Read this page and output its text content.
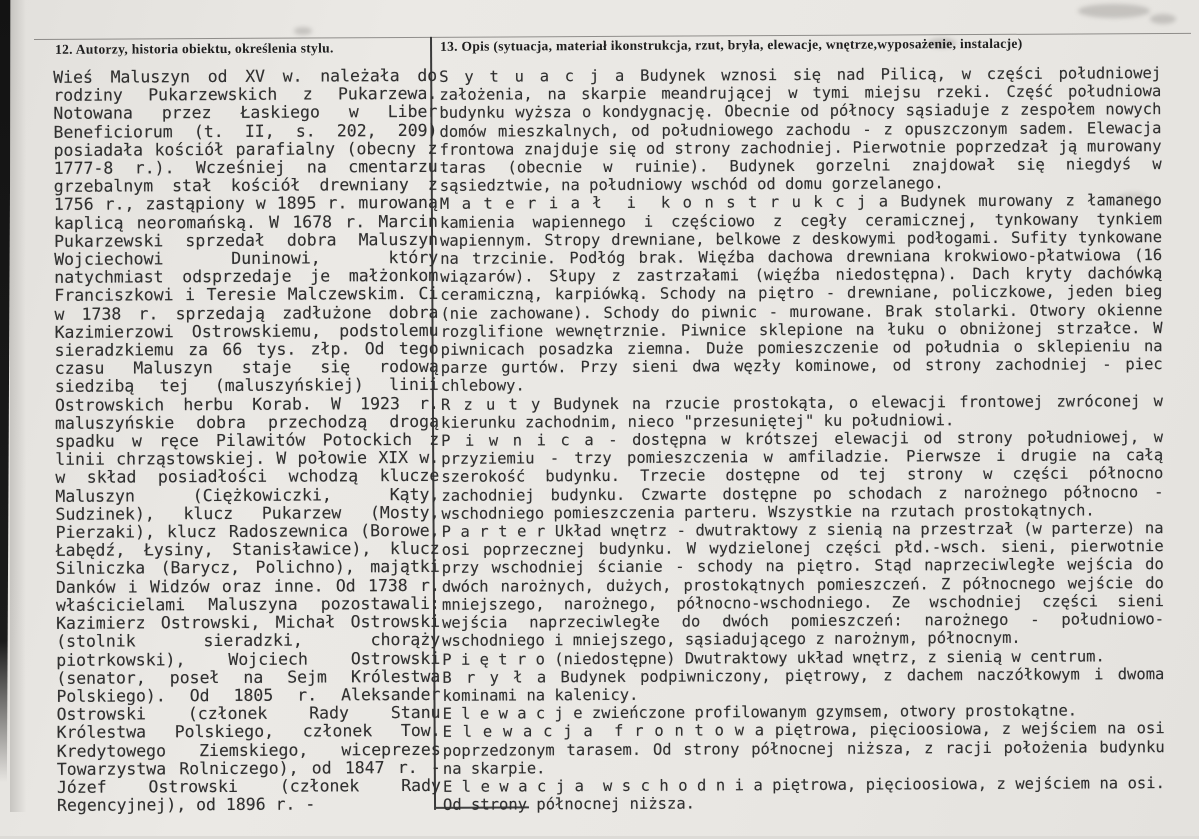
12. Autorzy, historia obiektu, określenia stylu.	13. Opis (sytuacja, materiał ikonstrukcja, rzut, bryła, elewacje, wnętrze,wyposażenie, instalacje)

Wieś Maluszyn od XV w. należała do rodziny Pukarzewskich z Pukarzewa. Notowana przez Łaskiego w Liber Beneficiorum (t. II, s. 202, 209) posiadała kościół parafialny (obecny z 1777-8 r.). Wcześniej na cmentarzu grzebalnym stał kościół drewniany z 1756 r., zastąpiony w 1895 r. murowaną kaplicą neoromańską. W 1678 r. Marcin Pukarzewski sprzedał dobra Maluszyn Wojciechowi Duninowi, który natychmiast odsprzedaje je małżonkom Franciszkowi i Teresie Malczewskim. Ci w 1738 r. sprzedają zadłużone dobra Kazimierzowi Ostrowskiemu, podstolemu sieradzkiemu za 66 tys. złp. Od tego czasu Maluszyn staje się rodową siedzibą tej (maluszyńskiej) linii Ostrowskich herbu Korab. W 1923 r. maluszyńskie dobra przechodzą drogą spadku w ręce Pilawitów Potockich z linii chrząstowskiej. W połowie XIX w. w skład posiadłości wchodzą klucze Maluszyn (Ciężkowiczki, Kąty, Sudzinek), klucz Pukarzew (Mosty, Pierzaki), klucz Radoszewnica (Borowe, Łabędź, Łysiny, Stanisławice), klucz Silniczka (Barycz, Polichno), majątki Danków i Widzów oraz inne. Od 1738 r. właścicielami Maluszyna pozostawali: Kazimierz Ostrowski, Michał Ostrowski (stolnik sieradzki, chorąży piotrkowski), Wojciech Ostrowski (senator, poseł na Sejm Królestwa Polskiego). Od 1805 r. Aleksander Ostrowski (członek Rady Stanu Królestwa Polskiego, członek Tow. Kredytowego Ziemskiego, wiceprezes Towarzystwa Rolniczego), od 1847 r. - Józef Ostrowski (członek Rady Regencyjnej), od 1896 r. -

S y t u a c j a Budynek wznosi się nad Pilicą, w części południowej założenia, na skarpie meandrującej w tymi miejsu rzeki. Część południowa budynku wyższa o kondygnację. Obecnie od północy sąsiaduje z zespołem nowych domów mieszkalnych, od południowego zachodu - z opuszczonym sadem. Elewacja frontowa znajduje się od strony zachodniej. Pierwotnie poprzedzał ją murowany taras (obecnie w ruinie). Budynek gorzelni znajdował się niegdyś w sąsiedztwie, na południowy wschód od domu gorzelanego.

M a t e r i a ł  i  k o n s t r u k c j a Budynek murowany z łamanego kamienia wapiennego i częściowo z cegły ceramicznej, tynkowany tynkiem wapiennym. Stropy drewniane, belkowe z deskowymi podłogami. Sufity tynkowane na trzcinie. Podłóg brak. Więźba dachowa drewniana krokwiowo-płatwiowa (16 wiązarów). Słupy z zastrzałami (więźba niedostępna). Dach kryty dachówką ceramiczną, karpiówką. Schody na piętro - drewniane, policzkowe, jeden bieg (nie zachowane). Schody do piwnic - murowane. Brak stolarki. Otwory okienne rozglifione wewnętrznie. Piwnice sklepione na łuku o obniżonej strzałce. W piwnicach posadzka ziemna. Duże pomieszczenie od południa o sklepieniu na parze gurtów. Przy sieni dwa węzły kominowe, od strony zachodniej - piec chlebowy.

R z u t y Budynek na rzucie prostokąta, o elewacji frontowej zwróconej w kierunku zachodnim, nieco "przesuniętej" ku południowi.

P i w n i c a - dostępna w krótszej elewacji od strony południowej, w przyziemiu - trzy pomieszczenia w amfiladzie. Pierwsze i drugie na całą szerokość budynku. Trzecie dostępne od tej strony w części północno zachodniej budynku. Czwarte dostępne po schodach z narożnego północno - wschodniego pomieszczenia parteru. Wszystkie na rzutach prostokątnych.

P a r t e r Układ wnętrz - dwutraktowy z sienią na przestrzał (w parterze) na osi poprzecznej budynku. W wydzielonej części płd.-wsch. sieni, pierwotnie przy wschodniej ścianie - schody na piętro. Stąd naprzeciwległe wejścia do dwóch narożnych, dużych, prostokątnych pomieszczeń. Z północnego wejście do mniejszego, narożnego, północno-wschodniego. Ze wschodniej części sieni wejścia naprzeciwległe do dwóch pomieszczeń: narożnego - południowo-wschodniego i mniejszego, sąsiadującego z narożnym, północnym.

P i ę t r o (niedostępne) Dwutraktowy układ wnętrz, z sienią w centrum.

B r y ł a Budynek podpiwniczony, piętrowy, z dachem naczółkowym i dwoma kominami na kalenicy.

E l e w a c j e zwieńczone profilowanym gzymsem, otwory prostokątne.

E l e w a c j a  f r o n t o w a piętrowa, pięcioosiowa, z wejściem na osi poprzedzonym tarasem. Od strony północnej niższa, z racji położenia budynku na skarpie.

E l e w a c j a  w s c h o d n i a piętrowa, pięcioosiowa, z wejściem na osi. Od strony północnej niższa.
